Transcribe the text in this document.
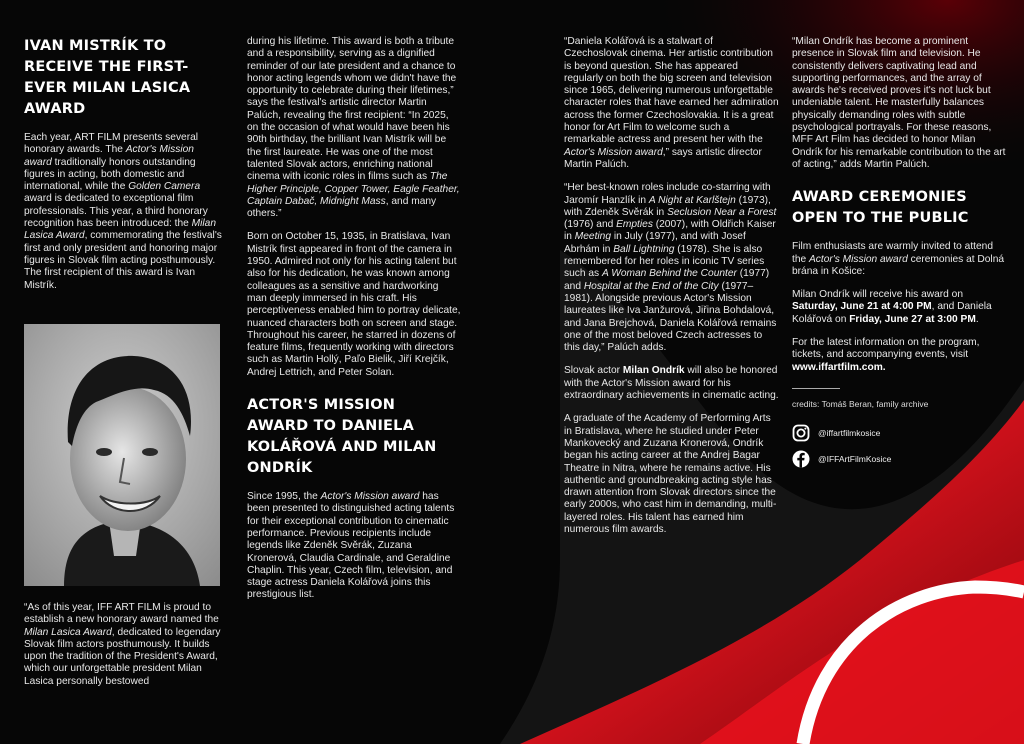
IVAN MISTRÍK TO RECEIVE THE FIRST-EVER MILAN LASICA AWARD

Each year, ART FILM presents several honorary awards. The Actor's Mission award traditionally honors outstanding figures in acting, both domestic and international, while the Golden Camera award is dedicated to exceptional film professionals. This year, a third honorary recognition has been introduced: the Milan Lasica Award, commemorating the festival's first and only president and honoring major figures in Slovak film acting posthumously. The first recipient of this award is Ivan Mistrík.

“As of this year, IFF ART FILM is proud to establish a new honorary award named the Milan Lasica Award, dedicated to legendary Slovak film actors posthumously. It builds upon the tradition of the President's Award, which our unforgettable president Milan Lasica personally bestowed

during his lifetime. This award is both a tribute and a responsibility, serving as a dignified reminder of our late president and a chance to honor acting legends whom we didn't have the opportunity to celebrate during their lifetimes,” says the festival's artistic director Martin Palúch, revealing the first recipient: “In 2025, on the occasion of what would have been his 90th birthday, the brilliant Ivan Mistrík will be the first laureate. He was one of the most talented Slovak actors, enriching national cinema with iconic roles in films such as The Higher Principle, Copper Tower, Eagle Feather, Captain Dabač, Midnight Mass, and many others.”

Born on October 15, 1935, in Bratislava, Ivan Mistrík first appeared in front of the camera in 1950. Admired not only for his acting talent but also for his dedication, he was known among colleagues as a sensitive and hardworking man deeply immersed in his craft. His perceptiveness enabled him to portray delicate, nuanced characters both on screen and stage. Throughout his career, he starred in dozens of feature films, frequently working with directors such as Martin Hollý, Paľo Bielik, Jiří Krejčík, Andrej Lettrich, and Peter Solan.

ACTOR'S MISSION AWARD TO DANIELA KOLÁŘOVÁ AND MILAN ONDRÍK

Since 1995, the Actor's Mission award has been presented to distinguished acting talents for their exceptional contribution to cinematic performance. Previous recipients include legends like Zdeněk Svěrák, Zuzana Kronerová, Claudia Cardinale, and Geraldine Chaplin. This year, Czech film, television, and stage actress Daniela Kolářová joins this prestigious list.

“Daniela Kolářová is a stalwart of Czechoslovak cinema. Her artistic contribution is beyond question. She has appeared regularly on both the big screen and television since 1965, delivering numerous unforgettable character roles that have earned her admiration across the former Czechoslovakia. It is a great honor for Art Film to welcome such a remarkable actress and present her with the Actor's Mission award,” says artistic director Martin Palúch.

“Her best-known roles include co-starring with Jaromír Hanzlík in A Night at Karlštejn (1973), with Zdeněk Svěrák in Seclusion Near a Forest (1976) and Empties (2007), with Oldřich Kaiser in Meeting in July (1977), and with Josef Abrhám in Ball Lightning (1978). She is also remembered for her roles in iconic TV series such as A Woman Behind the Counter (1977) and Hospital at the End of the City (1977–1981). Alongside previous Actor's Mission laureates like Iva Janžurová, Jiřina Bohdalová, and Jana Brejchová, Daniela Kolářová remains one of the most beloved Czech actresses to this day,” Palúch adds.

Slovak actor Milan Ondrík will also be honored with the Actor's Mission award for his extraordinary achievements in cinematic acting.

A graduate of the Academy of Performing Arts in Bratislava, where he studied under Peter Mankovecký and Zuzana Kronerová, Ondrík began his acting career at the Andrej Bagar Theatre in Nitra, where he remains active. His authentic and groundbreaking acting style has drawn attention from Slovak directors since the early 2000s, who cast him in demanding, multi-layered roles. His talent has earned him numerous film awards.

“Milan Ondrík has become a prominent presence in Slovak film and television. He consistently delivers captivating lead and supporting performances, and the array of awards he's received proves it's not luck but undeniable talent. He masterfully balances physically demanding roles with subtle psychological portrayals. For these reasons, MFF Art Film has decided to honor Milan Ondrík for his remarkable contribution to the art of acting,” adds Martin Palúch.

AWARD CEREMONIES OPEN TO THE PUBLIC

Film enthusiasts are warmly invited to attend the Actor's Mission award ceremonies at Dolná brána in Košice:

Milan Ondrík will receive his award on Saturday, June 21 at 4:00 PM, and Daniela Kolářová on Friday, June 27 at 3:00 PM.

For the latest information on the program, tickets, and accompanying events, visit www.iffartfilm.com.

credits: Tomáš Beran, family archive
@iffartfilmkosice
@IFFArtFilmKosice
